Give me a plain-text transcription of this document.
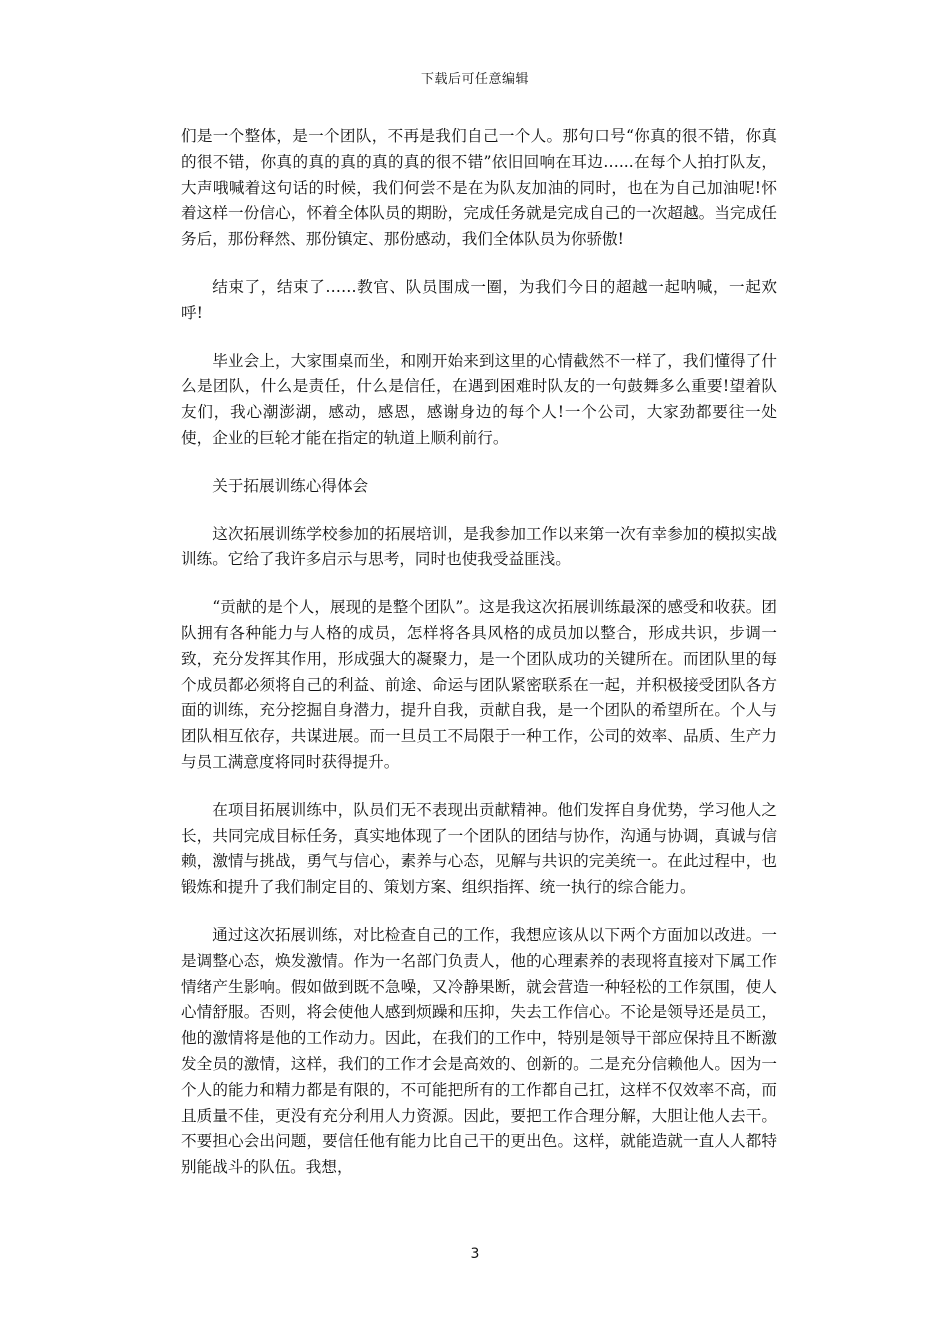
下载后可任意编辑

们是一个整体，是一个团队，不再是我们自己一个人。那句口号“你真的很不错，你真的很不错，你真的真的真的真的真的很不错”依旧回响在耳边…...在每个人拍打队友，大声哦喊着这句话的时候，我们何尝不是在为队友加油的同时，也在为自己加油呢!怀着这样一份信心，怀着全体队员的期盼，完成任务就是完成自己的一次超越。当完成任务后，那份释然、那份镇定、那份感动，我们全体队员为你骄傲!

结束了，结束了……教官、队员围成一圈，为我们今日的超越一起呐喊，一起欢呼!

毕业会上，大家围桌而坐，和刚开始来到这里的心情截然不一样了，我们懂得了什么是团队，什么是责任，什么是信任，在遇到困难时队友的一句鼓舞多么重要!望着队友们，我心潮澎湖，感动，感恩，感谢身边的每个人!一个公司，大家劲都要往一处使，企业的巨轮才能在指定的轨道上顺利前行。

关于拓展训练心得体会

这次拓展训练学校参加的拓展培训，是我参加工作以来第一次有幸参加的模拟实战训练。它给了我许多启示与思考，同时也使我受益匪浅。

“贡献的是个人，展现的是整个团队”。这是我这次拓展训练最深的感受和收获。团队拥有各种能力与人格的成员，怎样将各具风格的成员加以整合，形成共识，步调一致，充分发挥其作用，形成强大的凝聚力，是一个团队成功的关键所在。而团队里的每个成员都必须将自己的利益、前途、命运与团队紧密联系在一起，并积极接受团队各方面的训练，充分挖掘自身潜力，提升自我，贡献自我，是一个团队的希望所在。个人与团队相互依存，共谋进展。而一旦员工不局限于一种工作，公司的效率、品质、生产力与员工满意度将同时获得提升。

在项目拓展训练中，队员们无不表现出贡献精神。他们发挥自身优势，学习他人之长，共同完成目标任务，真实地体现了一个团队的团结与协作，沟通与协调，真诚与信赖，激情与挑战，勇气与信心，素养与心态，见解与共识的完美统一。在此过程中，也锻炼和提升了我们制定目的、策划方案、组织指挥、统一执行的综合能力。

通过这次拓展训练，对比检查自己的工作，我想应该从以下两个方面加以改进。一是调整心态，焕发激情。作为一名部门负责人，他的心理素养的表现将直接对下属工作情绪产生影响。假如做到既不急噪，又冷静果断，就会营造一种轻松的工作氛围，使人心情舒服。否则，将会使他人感到烦躁和压抑，失去工作信心。不论是领导还是员工，他的激情将是他的工作动力。因此，在我们的工作中，特别是领导干部应保持且不断激发全员的激情，这样，我们的工作才会是高效的、创新的。二是充分信赖他人。因为一个人的能力和精力都是有限的，不可能把所有的工作都自己扛，这样不仅效率不高，而且质量不佳，更没有充分利用人力资源。因此，要把工作合理分解，大胆让他人去干。不要担心会出问题，要信任他有能力比自己干的更出色。这样，就能造就一直人人都特别能战斗的队伍。我想，

3
